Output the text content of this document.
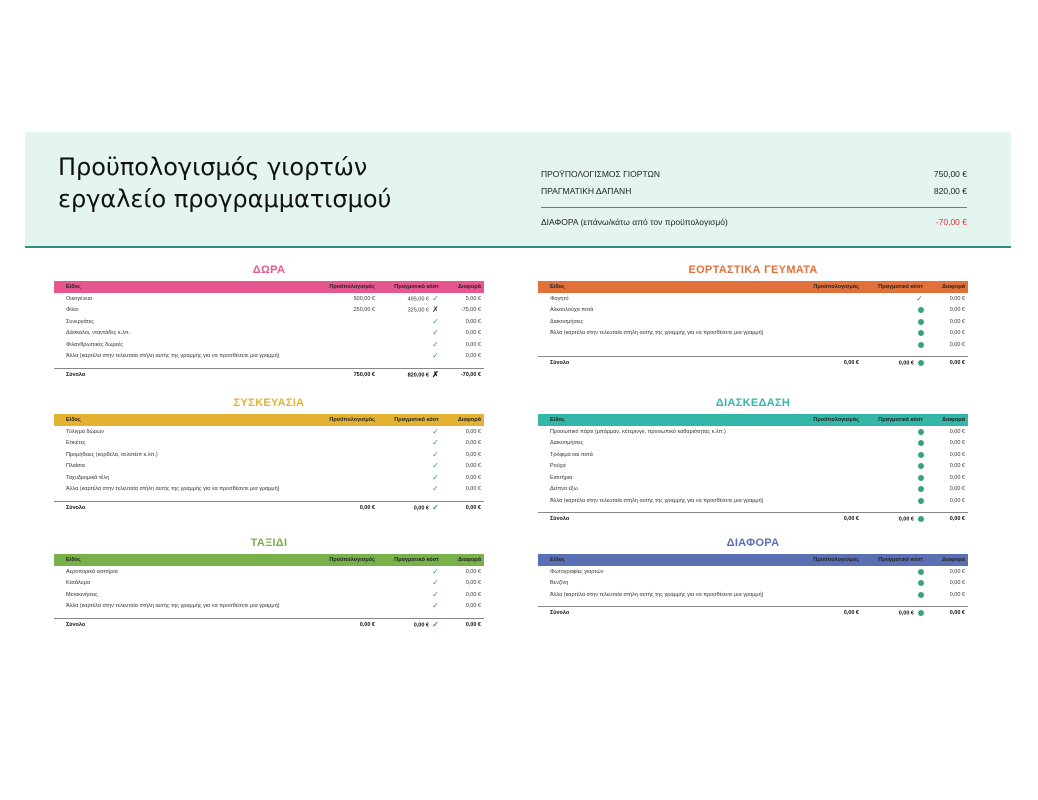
Προϋπολογισμός γιορτών
εργαλείο προγραμματισμού
ΠΡΟΫΠΟΛΟΓΙΣΜΟΣ ΓΙΟΡΤΩΝ	750,00 €
ΠΡΑΓΜΑΤΙΚΗ ΔΑΠΑΝΗ	820,00 €
ΔΙΑΦΟΡΑ (επάνω/κάτω από τον προϋπολογισμό)	-70,00 €
ΔΩΡΑ
Είδος	Προϋπολογισμός	Πραγματικό κόστ	Διαφορά
Οικογένεια	500,00 €	495,00 € ✓	5,00 €
Φίλοι	250,00 €	325,00 € ✗	-75,00 €
Συνεργάτες		✓	0,00 €
Δάσκαλοι, νταντάδες κ.λπ.		✓	0,00 €
Φιλανθρωπικές δωρεές		✓	0,00 €
Άλλα (καρτέλα στην τελευταία στήλη αυτής της γραμμής για να προσθέσετε μια γραμμή)		✓	0,00 €

Σύνολο	750,00 €	820,00 € ✗	-70,00 €
ΕΟΡΤΑΣΤΙΚΑ ΓΕΥΜΑΤΑ
Είδος	Προϋπολογισμός	Πραγματικό κόστ	Διαφορά
Φαγητό		✓	0,00 €
Αλκοολούχα ποτά			0,00 €
Διακοσμήσεις			0,00 €
Άλλα (καρτέλα στην τελευταία στήλη αυτής της γραμμής για να προσθέσετε μια γραμμή)			0,00 €
			0,00 €

Σύνολο	0,00 €	0,00 €	0,00 €
ΣΥΣΚΕΥΑΣΙΑ
Είδος	Προϋπολογισμός	Πραγματικό κόστ	Διαφορά
Τύλιγμα δώρων		✓	0,00 €
Ετικέτες		✓	0,00 €
Προμήθειες (κορδέλα, σελοτέιπ κ.λπ.)		✓	0,00 €
Πλαίσια		✓	0,00 €
Ταχυδρομικά τέλη		✓	0,00 €
Άλλα (καρτέλα στην τελευταία στήλη αυτής της γραμμής για να προσθέσετε μια γραμμή)		✓	0,00 €

Σύνολο	0,00 €	0,00 € ✓	0,00 €
ΔΙΑΣΚΕΔΑΣΗ
Είδος	Προϋπολογισμός	Πραγματικό κόστ	Διαφορά
Προσωπικό πάρτι (μπάρμαν, κέτερινγκ, προσωπικό καθαριότητας κ.λπ.)			0,00 €
Διακοσμήσεις			0,00 €
Τρόφιμα και ποτά			0,00 €
Ρούχα			0,00 €
Εισιτήρια			0,00 €
Δείπνα έξω			0,00 €
Άλλα (καρτέλα στην τελευταία στήλη αυτής της γραμμής για να προσθέσετε μια γραμμή)			0,00 €

Σύνολο	0,00 €	0,00 €	0,00 €
ΤΑΞΙΔΙ
Είδος	Προϋπολογισμός	Πραγματικό κόστ	Διαφορά
Αεροπορικά εισιτήρια		✓	0,00 €
Κατάλυμα		✓	0,00 €
Μετακινήσεις		✓	0,00 €
Άλλα (καρτέλα στην τελευταία στήλη αυτής της γραμμής για να προσθέσετε μια γραμμή)		✓	0,00 €

Σύνολο	0,00 €	0,00 € ✓	0,00 €
ΔΙΑΦΟΡΑ
Είδος	Προϋπολογισμός	Πραγματικό κόστ	Διαφορά
Φωτογραφίες γιορτών			0,00 €
Βενζίνη			0,00 €
Άλλα (καρτέλα στην τελευταία στήλη αυτής της γραμμής για να προσθέσετε μια γραμμή)			0,00 €

Σύνολο	0,00 €	0,00 €	0,00 €
